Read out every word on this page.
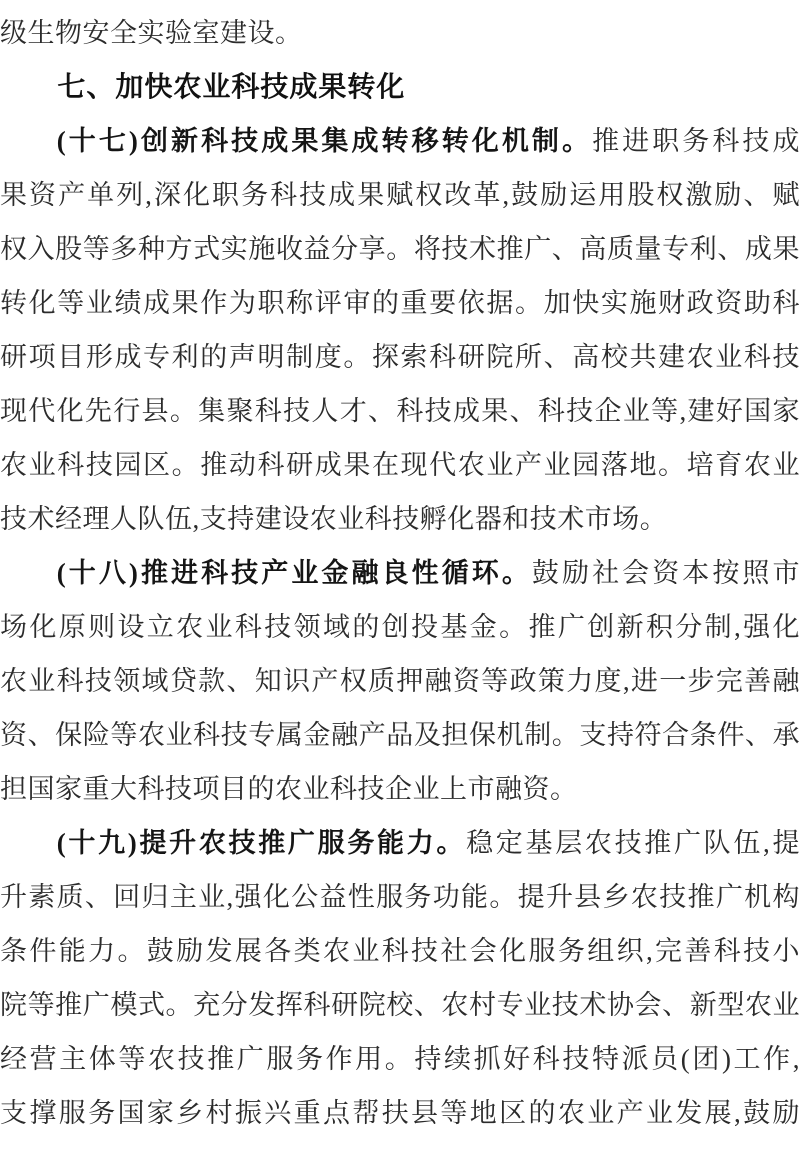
级生物安全实验室建设。
七、加快农业科技成果转化
(十七)创新科技成果集成转移转化机制。推进职务科技成
果资产单列,深化职务科技成果赋权改革,鼓励运用股权激励、赋
权入股等多种方式实施收益分享。将技术推广、高质量专利、成果
转化等业绩成果作为职称评审的重要依据。加快实施财政资助科
研项目形成专利的声明制度。探索科研院所、高校共建农业科技
现代化先行县。集聚科技人才、科技成果、科技企业等,建好国家
农业科技园区。推动科研成果在现代农业产业园落地。培育农业
技术经理人队伍,支持建设农业科技孵化器和技术市场。
(十八)推进科技产业金融良性循环。鼓励社会资本按照市
场化原则设立农业科技领域的创投基金。推广创新积分制,强化
农业科技领域贷款、知识产权质押融资等政策力度,进一步完善融
资、保险等农业科技专属金融产品及担保机制。支持符合条件、承
担国家重大科技项目的农业科技企业上市融资。
(十九)提升农技推广服务能力。稳定基层农技推广队伍,提
升素质、回归主业,强化公益性服务功能。提升县乡农技推广机构
条件能力。鼓励发展各类农业科技社会化服务组织,完善科技小
院等推广模式。充分发挥科研院校、农村专业技术协会、新型农业
经营主体等农技推广服务作用。持续抓好科技特派员(团)工作,
支撑服务国家乡村振兴重点帮扶县等地区的农业产业发展,鼓励
